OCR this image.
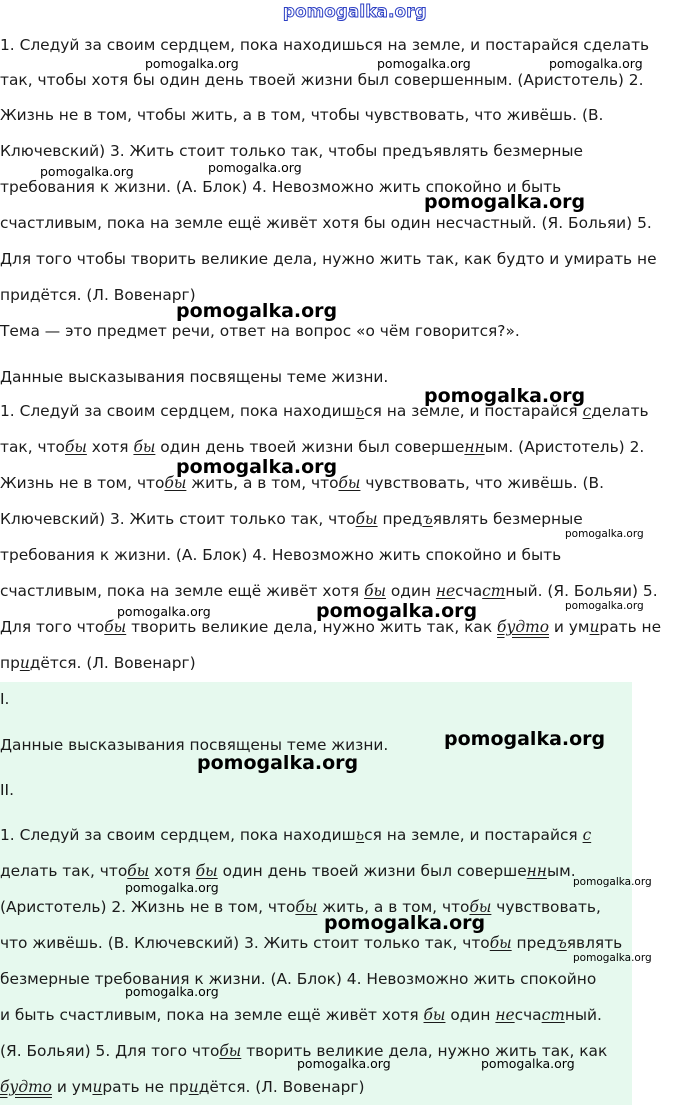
pomogalka.org
1. Следуй за своим сердцем, пока находишься на земле, и постарайся сделать
так, чтобы хотя бы один день твоей жизни был совершенным. (Аристотель) 2.
Жизнь не в том, чтобы жить, а в том, чтобы чувствовать, что живёшь. (В.
Ключевский) 3. Жить стоит только так, чтобы предъявлять безмерные
требования к жизни. (А. Блок) 4. Невозможно жить спокойно и быть
счастливым, пока на земле ещё живёт хотя бы один несчастный. (Я. Больяи) 5.
Для того чтобы творить великие дела, нужно жить так, как будто и умирать не
придётся. (Л. Вовенарг)
Тема — это предмет речи, ответ на вопрос «о чём говорится?».
Данные высказывания посвящены теме жизни.
1. Следуй за своим сердцем, пока находишься на земле, и постарайся сделать
так, чтобы хотя бы один день твоей жизни был совершенным. (Аристотель) 2.
Жизнь не в том, чтобы жить, а в том, чтобы чувствовать, что живёшь. (В.
Ключевский) 3. Жить стоит только так, чтобы предъявлять безмерные
требования к жизни. (А. Блок) 4. Невозможно жить спокойно и быть
счастливым, пока на земле ещё живёт хотя бы один несчастный. (Я. Больяи) 5.
Для того чтобы творить великие дела, нужно жить так, как будто и умирать не
придётся. (Л. Вовенарг)
I.
Данные высказывания посвящены теме жизни.
II.
1. Следуй за своим сердцем, пока находишься на земле, и постарайся с
делать так, чтобы хотя бы один день твоей жизни был совершенным.
(Аристотель) 2. Жизнь не в том, чтобы жить, а в том, чтобы чувствовать,
что живёшь. (В. Ключевский) 3. Жить стоит только так, чтобы предъявлять
безмерные требования к жизни. (А. Блок) 4. Невозможно жить спокойно
и быть счастливым, пока на земле ещё живёт хотя бы один несчастный.
(Я. Больяи) 5. Для того чтобы творить великие дела, нужно жить так, как
будто и умирать не придётся. (Л. Вовенарг)
pomogalka.org	pomogalka.org	pomogalka.org
pomogalka.org
pomogalka.org
pomogalka.org
pomogalka.org
pomogalka.org
pomogalka.org
pomogalka.org
pomogalka.org	pomogalka.org	pomogalka.org
pomogalka.org
pomogalka.org
pomogalka.org
pomogalka.org
pomogalka.org
pomogalka.org
pomogalka.org
pomogalka.org	pomogalka.org
